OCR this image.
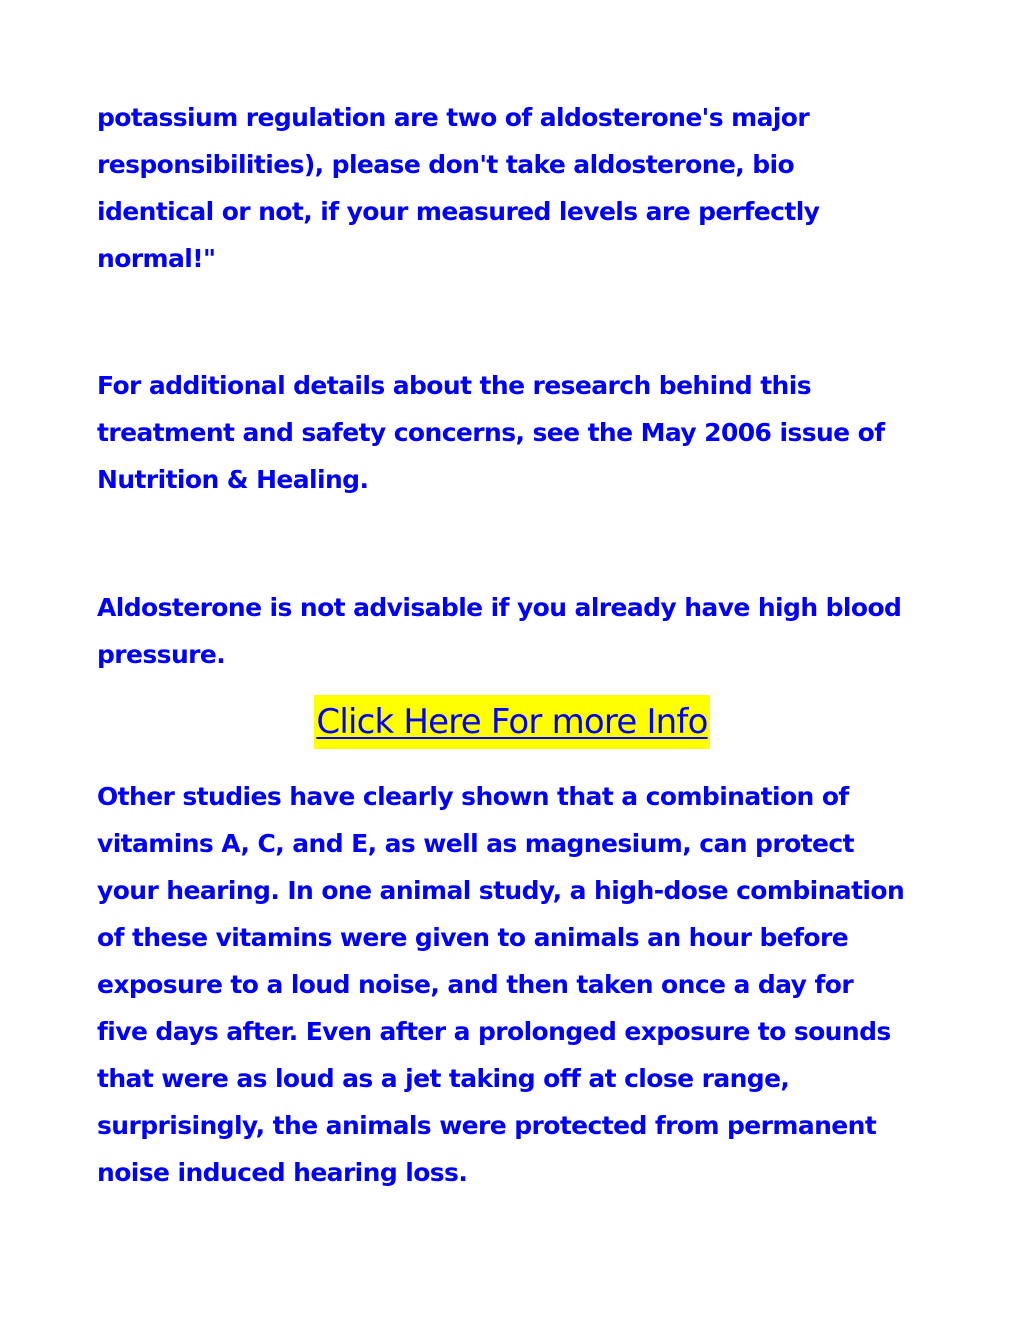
potassium regulation are two of aldosterone's major
responsibilities), please don't take aldosterone, bio
identical or not, if your measured levels are perfectly
normal!"

For additional details about the research behind this
treatment and safety concerns, see the May 2006 issue of
Nutrition & Healing.

Aldosterone is not advisable if you already have high blood
pressure.

Click Here For more Info

Other studies have clearly shown that a combination of
vitamins A, C, and E, as well as magnesium, can protect
your hearing. In one animal study, a high-dose combination
of these vitamins were given to animals an hour before
exposure to a loud noise, and then taken once a day for
five days after. Even after a prolonged exposure to sounds
that were as loud as a jet taking off at close range,
surprisingly, the animals were protected from permanent
noise induced hearing loss.
